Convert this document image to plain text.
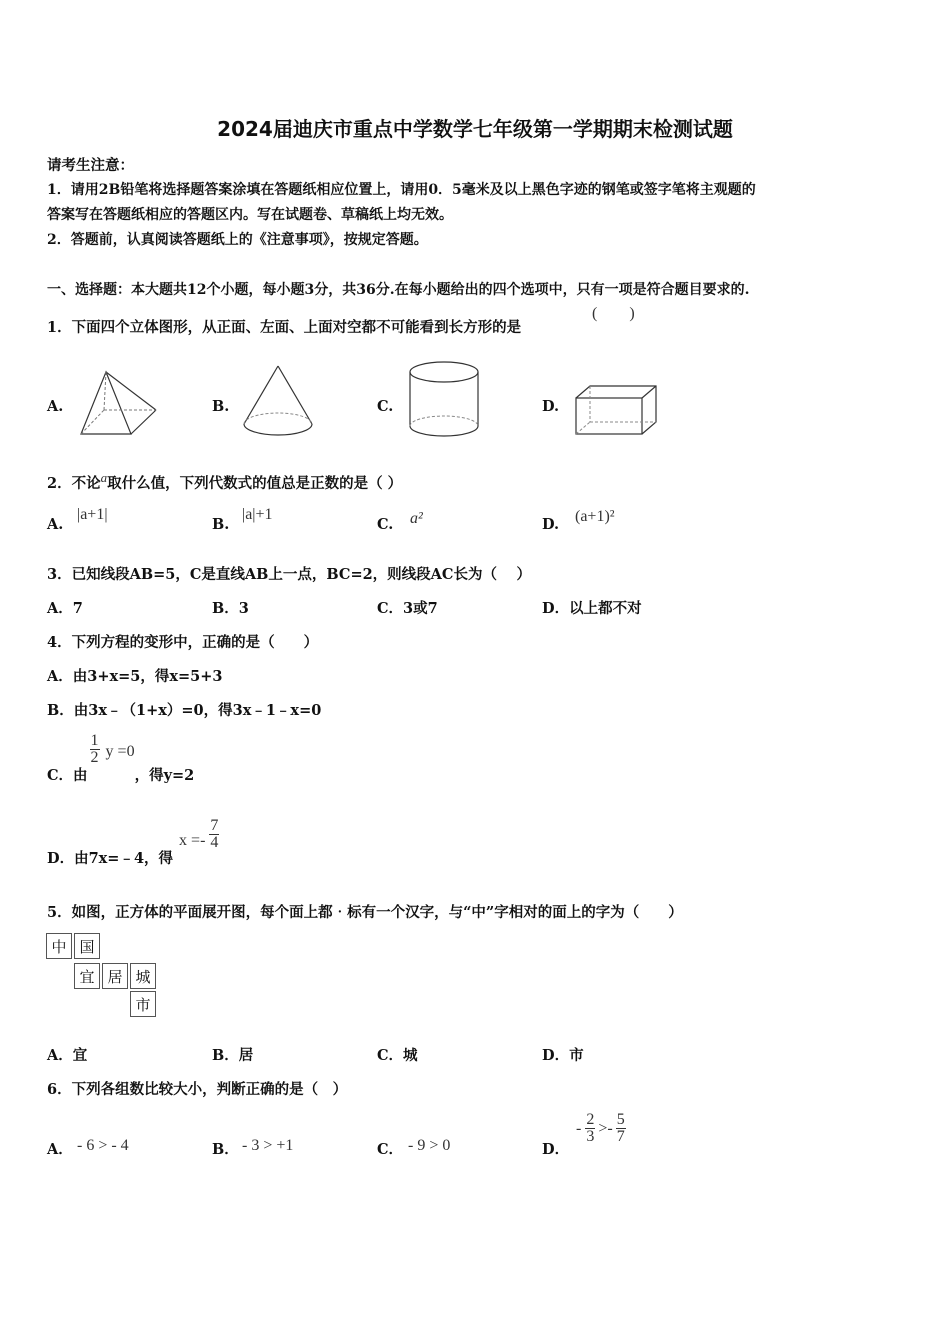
2024届迪庆市重点中学数学七年级第一学期期末检测试题
请考生注意：
1．请用2B铅笔将选择题答案涂填在答题纸相应位置上，请用0．5毫米及以上黑色字迹的钢笔或签字笔将主观题的
答案写在答题纸相应的答题区内。写在试题卷、草稿纸上均无效。
2．答题前，认真阅读答题纸上的《注意事项》，按规定答题。
一、选择题：本大题共12个小题，每小题3分，共36分.在每小题给出的四个选项中，只有一项是符合题目要求的.
1．下面四个立体图形，从正面、左面、上面对空都不可能看到长方形的是
(　　)
A.	B.	C.	D.
2．不论$^a$取什么值，下列代数式的值总是正数的是（ ）
A.
|a+1|
B.
|a|+1
C. a²	D. (a+1)²
3．已知线段AB=5，C是直线AB上一点，BC=2，则线段AC长为（　 ）
A．7	B．3	C．3或7	D．以上都不对
4．下列方程的变形中，正确的是（　　）
A．由3+x=5，得x=5+3
B．由3x﹣（1+x）=0，得3x﹣1﹣x=0
C．由
$\frac{1}{2}$ y =0，得y=2
D．由7x=﹣4，得$x =- \frac{7}{4}$
5．如图，正方体的平面展开图，每个面上都‧标有一个汉字，与“中”字相对的面上的字为（　　）
中 国
宜 居 城
市
A．宜	B．居	C．城	D．市
6．下列各组数比较大小，判断正确的是（　）
A． - 6 > - 4	B． - 3 > +1	C． - 9 > 0	D．
- $\frac{2}{3} >- \frac{5}{7}$
